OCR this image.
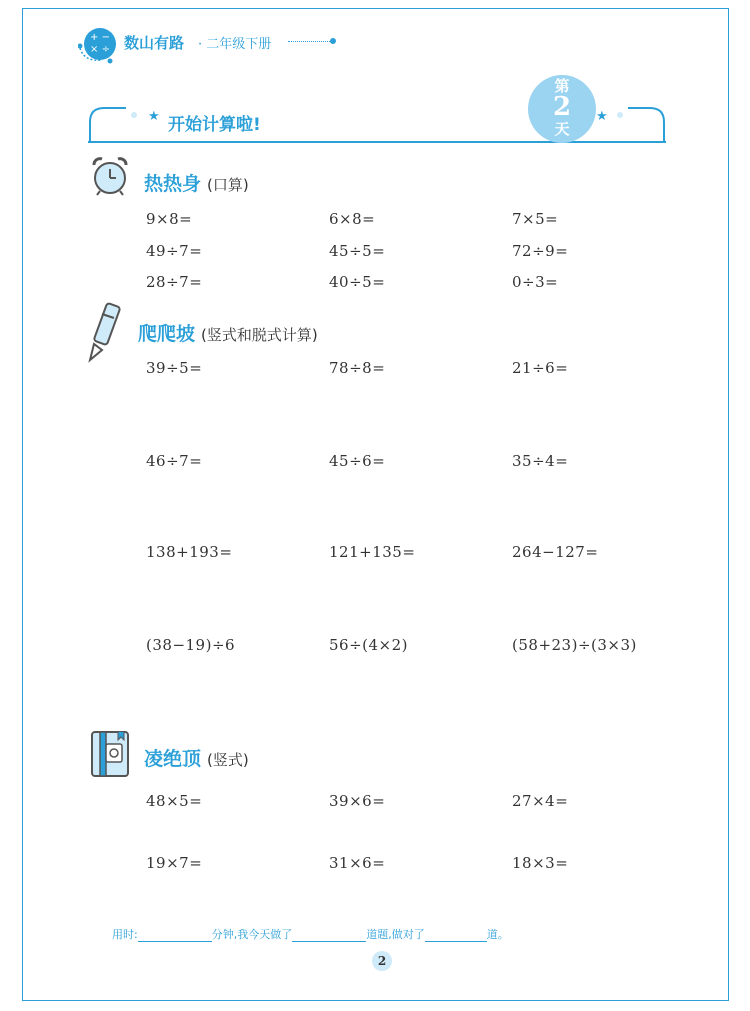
+ −
× ÷ 数山有路 · 二年级下册
★	★
开始计算啦!
第
2
天
热热身 (口算)
9×8=	6×8=	7×5=
49÷7=	45÷5=	72÷9=
28÷7=	40÷5=	0÷3=
爬爬坡 (竖式和脱式计算)
39÷5=	78÷8=	21÷6=
46÷7=	45÷6=	35÷4=
138+193=	121+135=	264−127=
(38−19)÷6	56÷(4×2)	(58+23)÷(3×3)
凌绝顶 (竖式)
48×5=	39×6=	27×4=
19×7=	31×6=	18×3=
用时:	分钟,我今天做了	道题,做对了	道。
2
